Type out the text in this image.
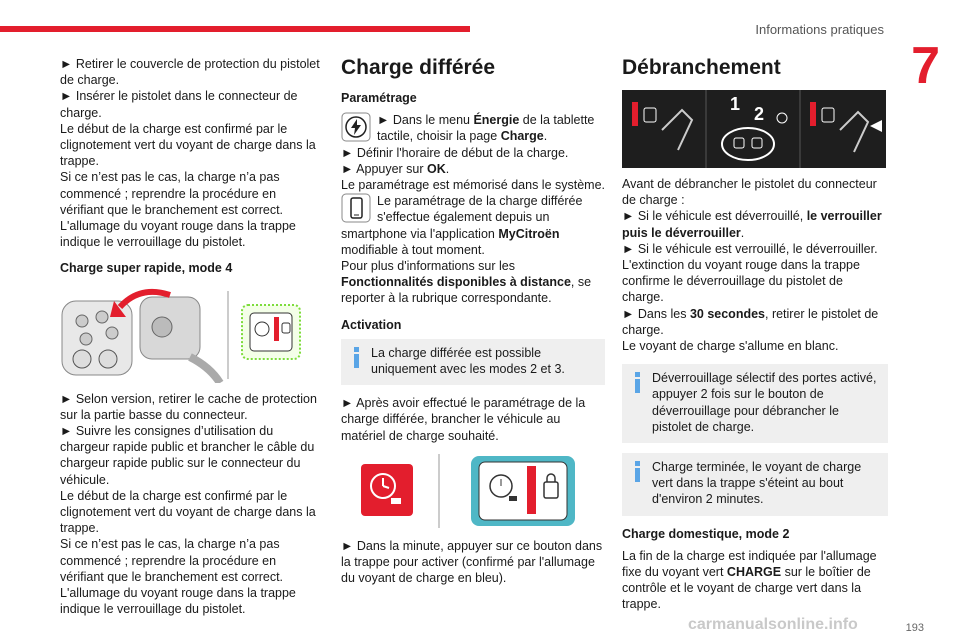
Informations pratiques
7

► Retirer le couvercle de protection du pistolet de charge.

► Insérer le pistolet dans le connecteur de charge.

Le début de la charge est confirmé par le clignotement vert du voyant de charge dans la trappe.

Si ce n’est pas le cas, la charge n’a pas commencé ; reprendre la procédure en vérifiant que le branchement est correct.

L'allumage du voyant rouge dans la trappe indique le verrouillage du pistolet.

Charge super rapide, mode 4

► Selon version, retirer le cache de protection sur la partie basse du connecteur.

► Suivre les consignes d’utilisation du chargeur rapide public et brancher le câble du chargeur rapide public sur le connecteur du véhicule.

Le début de la charge est confirmé par le clignotement vert du voyant de charge dans la trappe.

Si ce n’est pas le cas, la charge n’a pas commencé ; reprendre la procédure en vérifiant que le branchement est correct.

L'allumage du voyant rouge dans la trappe indique le verrouillage du pistolet.

Charge différée

Paramétrage

► Dans le menu Énergie de la tablette tactile, choisir la page Charge.

► Définir l'horaire de début de la charge.

► Appuyer sur OK.

Le paramétrage est mémorisé dans le système.

Le paramétrage de la charge différée s'effectue également depuis un smartphone via l'application MyCitroën modifiable à tout moment.

Pour plus d'informations sur les Fonctionnalités disponibles à distance, se reporter à la rubrique correspondante.

Activation

La charge différée est possible uniquement avec les modes 2 et 3.

► Après avoir effectué le paramétrage de la charge différée, brancher le véhicule au matériel de charge souhaité.

► Dans la minute, appuyer sur ce bouton dans la trappe pour activer (confirmé par l'allumage du voyant de charge en bleu).

Débranchement

1 2

Avant de débrancher le pistolet du connecteur de charge :

► Si le véhicule est déverrouillé, le verrouiller puis le déverrouiller.

► Si le véhicule est verrouillé, le déverrouiller.

L'extinction du voyant rouge dans la trappe confirme le déverrouillage du pistolet de charge.

► Dans les 30 secondes, retirer le pistolet de charge.

Le voyant de charge s'allume en blanc.

Déverrouillage sélectif des portes activé, appuyer 2 fois sur le bouton de déverrouillage pour débrancher le pistolet de charge.

Charge terminée, le voyant de charge vert dans la trappe s'éteint au bout d'environ 2 minutes.

Charge domestique, mode 2

La fin de la charge est indiquée par l'allumage fixe du voyant vert CHARGE sur le boîtier de contrôle et le voyant de charge vert dans la trappe.

carmanualsonline.info	193
